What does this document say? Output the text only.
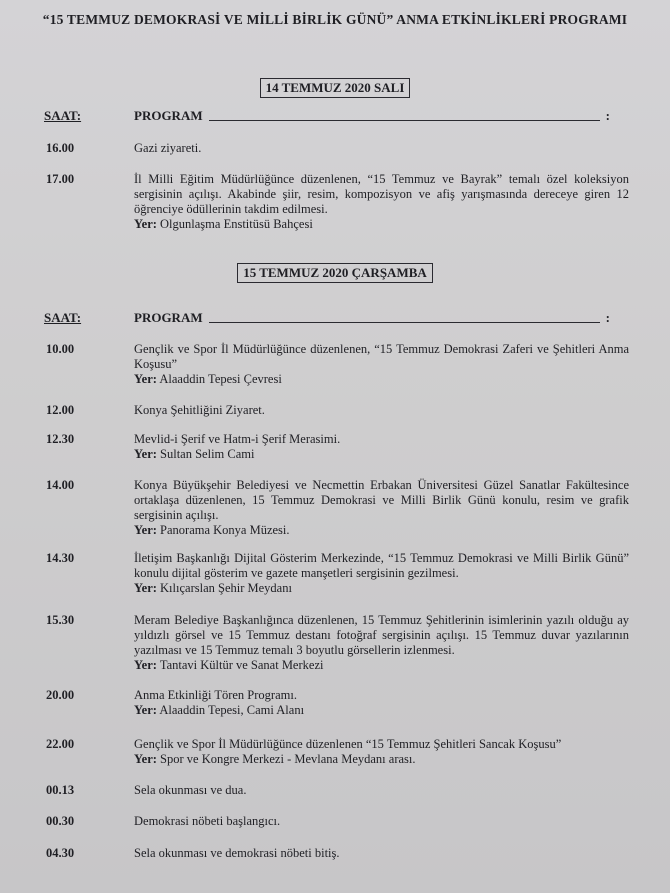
“15 TEMMUZ DEMOKRASİ VE MİLLİ BİRLİK GÜNÜ” ANMA ETKİNLİKLERİ PROGRAMI
14 TEMMUZ 2020 SALI
SAAT:	PROGRAM	:
16.00	Gazi ziyareti.
17.00	İl Milli Eğitim Müdürlüğünce düzenlenen, “15 Temmuz ve Bayrak” temalı özel koleksiyon sergisinin açılışı. Akabinde şiir, resim, kompozisyon ve afiş yarışmasında dereceye giren 12 öğrenciye ödüllerinin takdim edilmesi.
Yer: Olgunlaşma Enstitüsü Bahçesi
15 TEMMUZ 2020 ÇARŞAMBA
SAAT:	PROGRAM	:
10.00	Gençlik ve Spor İl Müdürlüğünce düzenlenen, “15 Temmuz Demokrasi Zaferi ve Şehitleri Anma Koşusu”
Yer: Alaaddin Tepesi Çevresi
12.00	Konya Şehitliğini Ziyaret.
12.30	Mevlid-i Şerif ve Hatm-i Şerif Merasimi.
Yer: Sultan Selim Cami
14.00	Konya Büyükşehir Belediyesi ve Necmettin Erbakan Üniversitesi Güzel Sanatlar Fakültesince ortaklaşa düzenlenen, 15 Temmuz Demokrasi ve Milli Birlik Günü konulu, resim ve grafik sergisinin açılışı.
Yer: Panorama Konya Müzesi.
14.30	İletişim Başkanlığı Dijital Gösterim Merkezinde, “15 Temmuz Demokrasi ve Milli Birlik Günü” konulu dijital gösterim ve gazete manşetleri sergisinin gezilmesi.
Yer: Kılıçarslan Şehir Meydanı
15.30	Meram Belediye Başkanlığınca düzenlenen, 15 Temmuz Şehitlerinin isimlerinin yazılı olduğu ay yıldızlı görsel ve 15 Temmuz destanı fotoğraf sergisinin açılışı. 15 Temmuz duvar yazılarının yazılması ve 15 Temmuz temalı 3 boyutlu görsellerin izlenmesi.
Yer: Tantavi Kültür ve Sanat Merkezi
20.00	Anma Etkinliği Tören Programı.
Yer: Alaaddin Tepesi, Cami Alanı
22.00	Gençlik ve Spor İl Müdürlüğünce düzenlenen “15 Temmuz Şehitleri Sancak Koşusu”
Yer: Spor ve Kongre Merkezi - Mevlana Meydanı arası.
00.13	Sela okunması ve dua.
00.30	Demokrasi nöbeti başlangıcı.
04.30	Sela okunması ve demokrasi nöbeti bitiş.
